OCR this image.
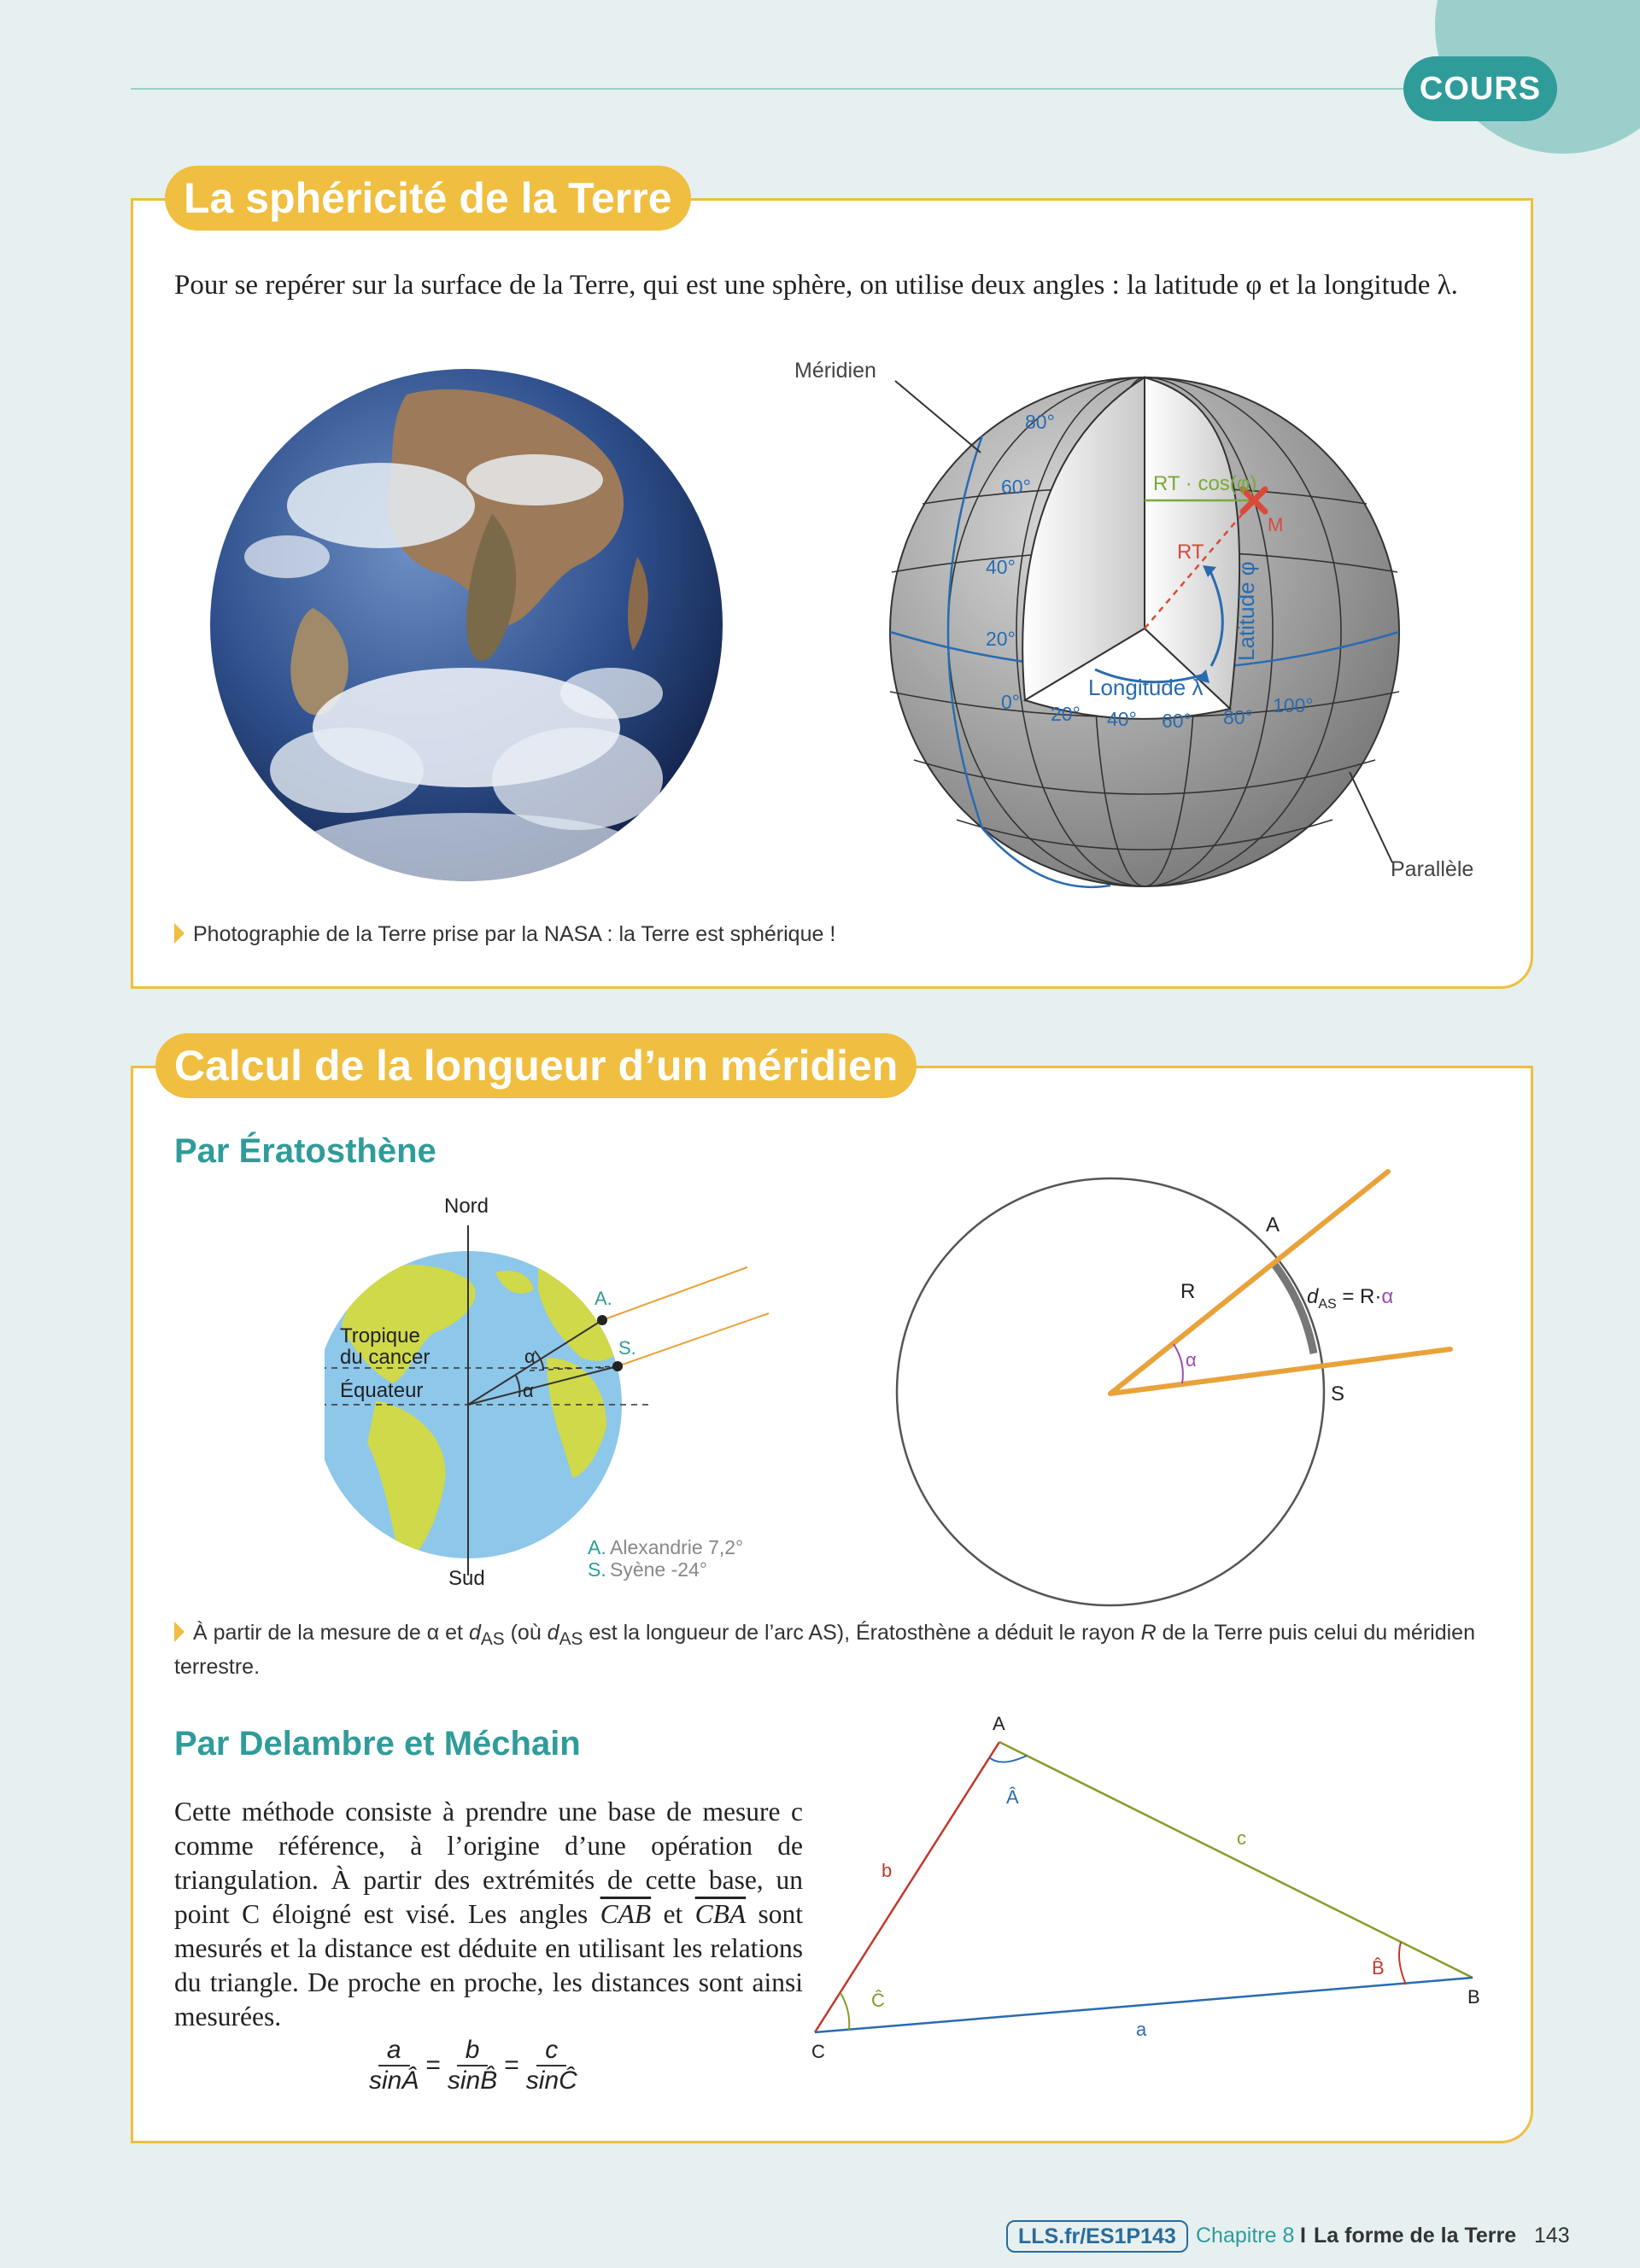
COURS
La sphéricité de la Terre
Pour se repérer sur la surface de la Terre, qui est une sphère, on utilise deux angles : la latitude φ et la longitude λ.
Méridien
Parallèle
80°
60°
40°
20°
0°
20° 40° 60° 80°
100°
RT · cos(φ)
RT
M
Latitude φ
Longitude λ
Photographie de la Terre prise par la NASA : la Terre est sphérique !
Calcul de la longueur d’un méridien
Par Ératosthène
Nord
Sud
Tropique
du cancer
Équateur
A.
S.
α
α
A. Alexandrie 7,2°
S. Syène -24°
A
R
S
α
$d_{AS} = R\cdot\alpha$
À partir de la mesure de α et $d_{AS}$ (où $d_{AS}$ est la longueur de l’arc AS), Ératosthène a déduit le rayon R de la Terre puis celui du méridien terrestre.
Par Delambre et Méchain
Cette méthode consiste à prendre une base de mesure c comme référence, à l’origine d’une opération de triangulation. À partir des extrémités de cette base, un point C éloigné est visé. Les angles $\overline{CAB}$ et $\overline{CBA}$ sont mesurés et la distance est déduite en utilisant les relations du triangle. De proche en proche, les distances sont ainsi mesurées.
$\frac{a}{\sin Â} = \frac{b}{\sin B̂} = \frac{c}{\sin Ĉ}$
A
B
C
a
b
c
Â
B̂
Ĉ
LLS.fr/ES1P143 Chapitre 8 I La forme de la Terre 143
